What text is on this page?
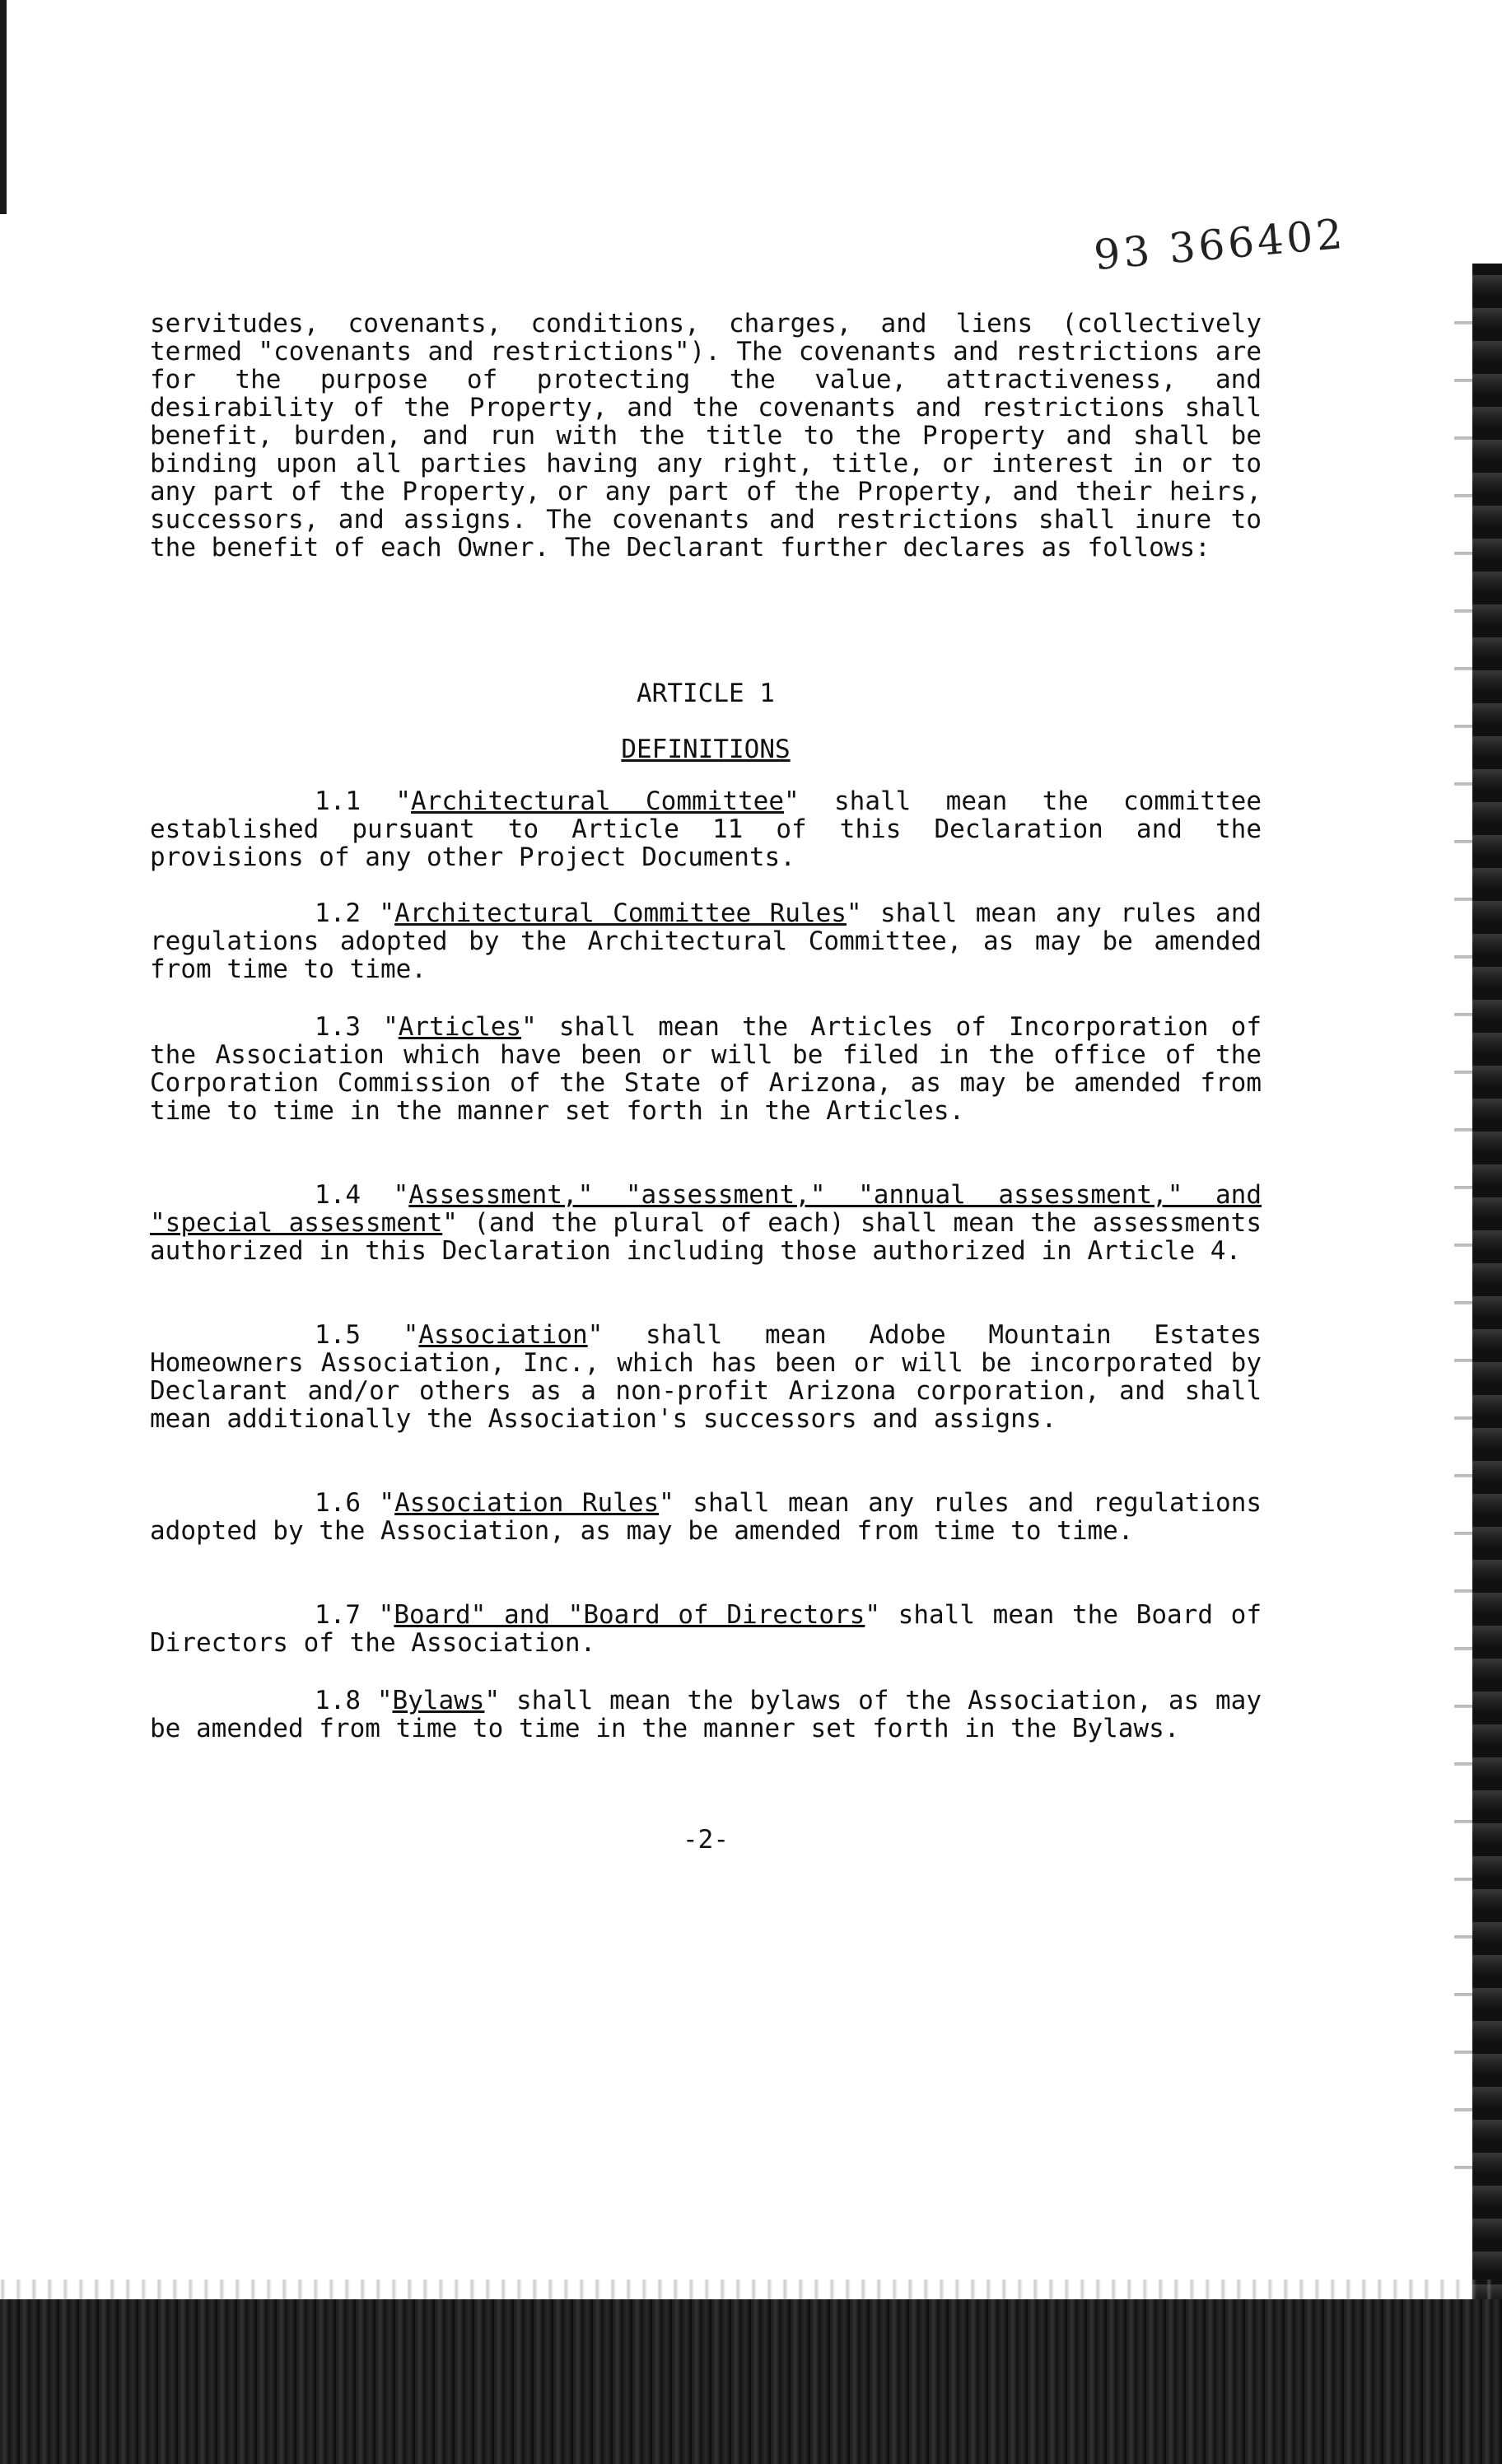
93 366402

servitudes, covenants, conditions, charges, and liens (collectively termed "covenants and restrictions"). The covenants and restrictions are for the purpose of protecting the value, attractiveness, and desirability of the Property, and the covenants and restrictions shall benefit, burden, and run with the title to the Property and shall be binding upon all parties having any right, title, or interest in or to any part of the Property, or any part of the Property, and their heirs, successors, and assigns. The covenants and restrictions shall inure to the benefit of each Owner. The Declarant further declares as follows:

ARTICLE 1
DEFINITIONS

1.1 "Architectural Committee" shall mean the committee established pursuant to Article 11 of this Declaration and the provisions of any other Project Documents.

1.2 "Architectural Committee Rules" shall mean any rules and regulations adopted by the Architectural Committee, as may be amended from time to time.

1.3 "Articles" shall mean the Articles of Incorporation of the Association which have been or will be filed in the office of the Corporation Commission of the State of Arizona, as may be amended from time to time in the manner set forth in the Articles.

1.4 "Assessment," "assessment," "annual assessment," and "special assessment" (and the plural of each) shall mean the assessments authorized in this Declaration including those authorized in Article 4.

1.5 "Association" shall mean Adobe Mountain Estates Homeowners Association, Inc., which has been or will be incorporated by Declarant and/or others as a non-profit Arizona corporation, and shall mean additionally the Association's successors and assigns.

1.6 "Association Rules" shall mean any rules and regulations adopted by the Association, as may be amended from time to time.

1.7 "Board" and "Board of Directors" shall mean the Board of Directors of the Association.

1.8 "Bylaws" shall mean the bylaws of the Association, as may be amended from time to time in the manner set forth in the Bylaws.

-2-
